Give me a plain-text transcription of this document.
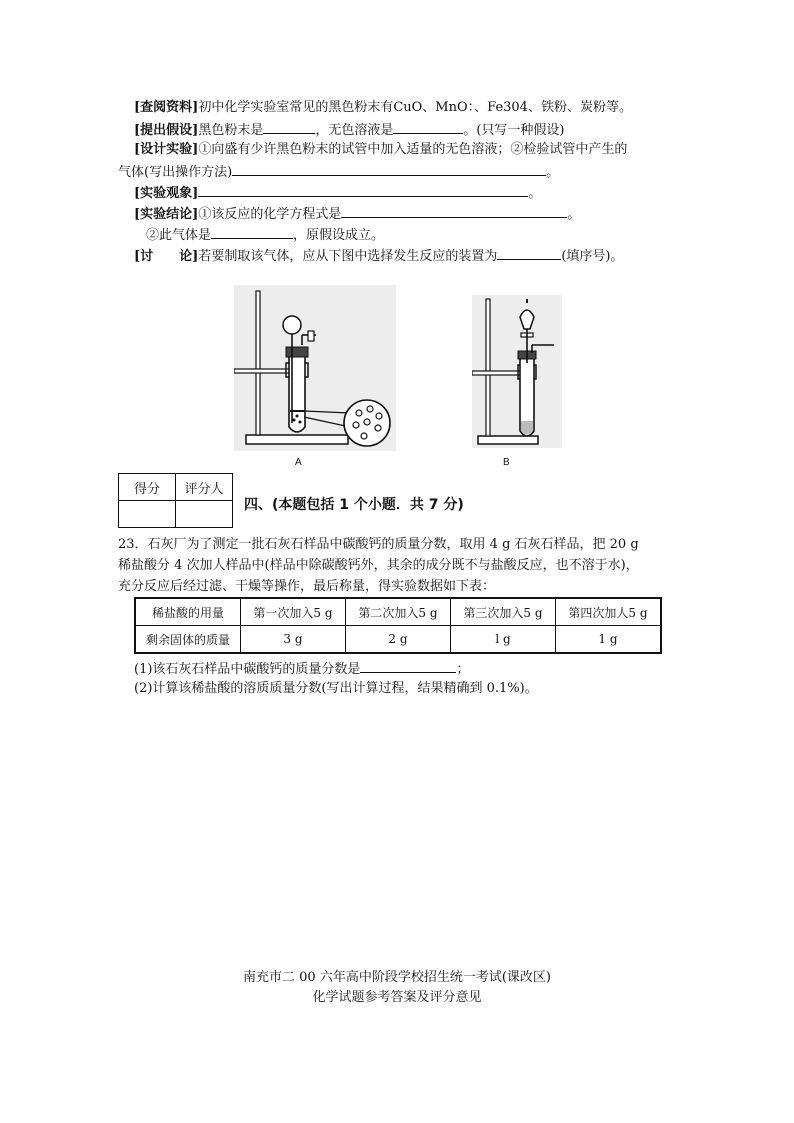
[查阅资料]初中化学实验室常见的黑色粉末有CuO、MnO：、Fe304、铁粉、炭粉等。
[提出假设]黑色粉末是	，无色溶液是	。(只写一种假设)
[设计实验]①向盛有少许黑色粉末的试管中加入适量的无色溶液；②检验试管中产生的
气体(写出操作方法)	。
[实验观象]	。
[实验结论]①该反应的化学方程式是	。
②此气体是	，原假设成立。
[讨　　论]若要制取该气体，应从下图中选择发生反应的装置为	(填序号)。
A	B
得分	评分人

四、(本题包括 1 个小题．共 7 分)
23．石灰厂为了测定一批石灰石样品中碳酸钙的质量分数，取用 4 g 石灰石样品，把 20 g
稀盐酸分 4 次加人样品中(样品中除碳酸钙外，其余的成分既不与盐酸反应，也不溶于水)，
充分反应后经过滤、干燥等操作，最后称量，得实验数据如下表：
稀盐酸的用量	第一次加入5 g	第二次加入5 g	第三次加入5 g	第四次加人5 g
剩余固体的质量	3 g	2 g	l g	1 g
(1)该石灰石样品中碳酸钙的质量分数是	；
(2)计算该稀盐酸的溶质质量分数(写出计算过程，结果精确到 0.1%)。
南充市二 00 六年高中阶段学校招生统一考试(课改区)
化学试题参考答案及评分意见
